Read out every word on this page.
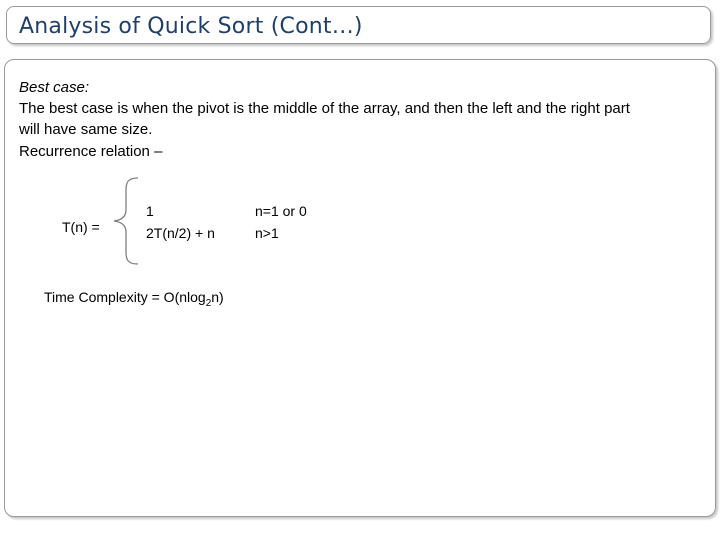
Analysis of Quick Sort (Cont…)
Best case:
The best case is when the pivot is the middle of the array, and then the left and the right part
will have same size.
Recurrence relation –
T(n) =
1
2T(n/2) + n
n=1 or 0
n>1
Time Complexity = O(nlog$_2$n)
